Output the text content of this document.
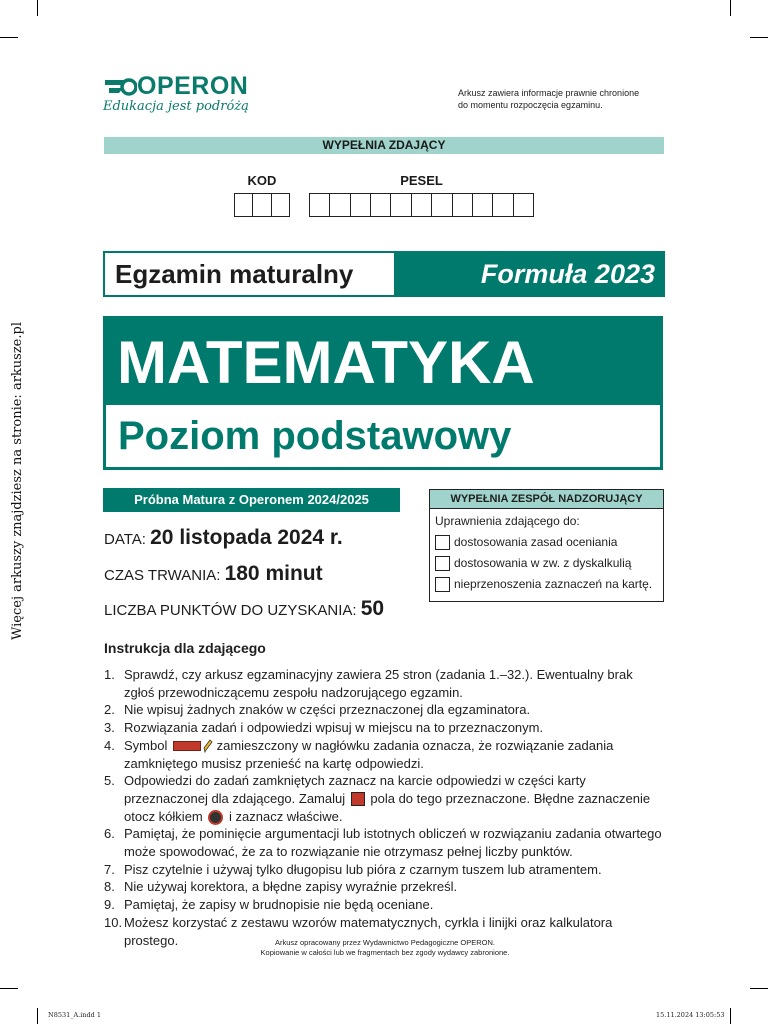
OPERON
Edukacja jest podróżą
Arkusz zawiera informacje prawnie chronione
do momentu rozpoczęcia egzaminu.
WYPEŁNIA ZDAJĄCY
KOD	PESEL
Egzamin maturalny	Formuła 2023
MATEMATYKA
Poziom podstawowy
Próbna Matura z Operonem 2024/2025
DATA: 20 listopada 2024 r.
CZAS TRWANIA: 180 minut
LICZBA PUNKTÓW DO UZYSKANIA: 50
WYPEŁNIA ZESPÓŁ NADZORUJĄCY
Uprawnienia zdającego do:
dostosowania zasad oceniania
dostosowania w zw. z dyskalkulią
nieprzenoszenia zaznaczeń na kartę.
Instrukcja dla zdającego
1. Sprawdź, czy arkusz egzaminacyjny zawiera 25 stron (zadania 1.–32.). Ewentualny brak zgłoś przewodniczącemu zespołu nadzorującego egzamin.
2. Nie wpisuj żadnych znaków w części przeznaczonej dla egzaminatora.
3. Rozwiązania zadań i odpowiedzi wpisuj w miejscu na to przeznaczonym.
4. Symbol	zamieszczony w nagłówku zadania oznacza, że rozwiązanie zadania zamkniętego musisz przenieść na kartę odpowiedzi.
5. Odpowiedzi do zadań zamkniętych zaznacz na karcie odpowiedzi w części karty przeznaczonej dla zdającego. Zamaluj pola do tego przeznaczone. Błędne zaznaczenie otocz kółkiem i zaznacz właściwe.
6. Pamiętaj, że pominięcie argumentacji lub istotnych obliczeń w rozwiązaniu zadania otwartego może spowodować, że za to rozwiązanie nie otrzymasz pełnej liczby punktów.
7. Pisz czytelnie i używaj tylko długopisu lub pióra z czarnym tuszem lub atramentem.
8. Nie używaj korektora, a błędne zapisy wyraźnie przekreśl.
9. Pamiętaj, że zapisy w brudnopisie nie będą oceniane.
10. Możesz korzystać z zestawu wzorów matematycznych, cyrkla i linijki oraz kalkulatora prostego.	Arkusz opracowany przez Wydawnictwo Pedagogiczne OPERON.
Kopiowanie w całości lub we fragmentach bez zgody wydawcy zabronione.
Więcej arkuszy znajdziesz na stronie: arkusze.pl
N8531_A.indd 1	15.11.2024 13:05:53
